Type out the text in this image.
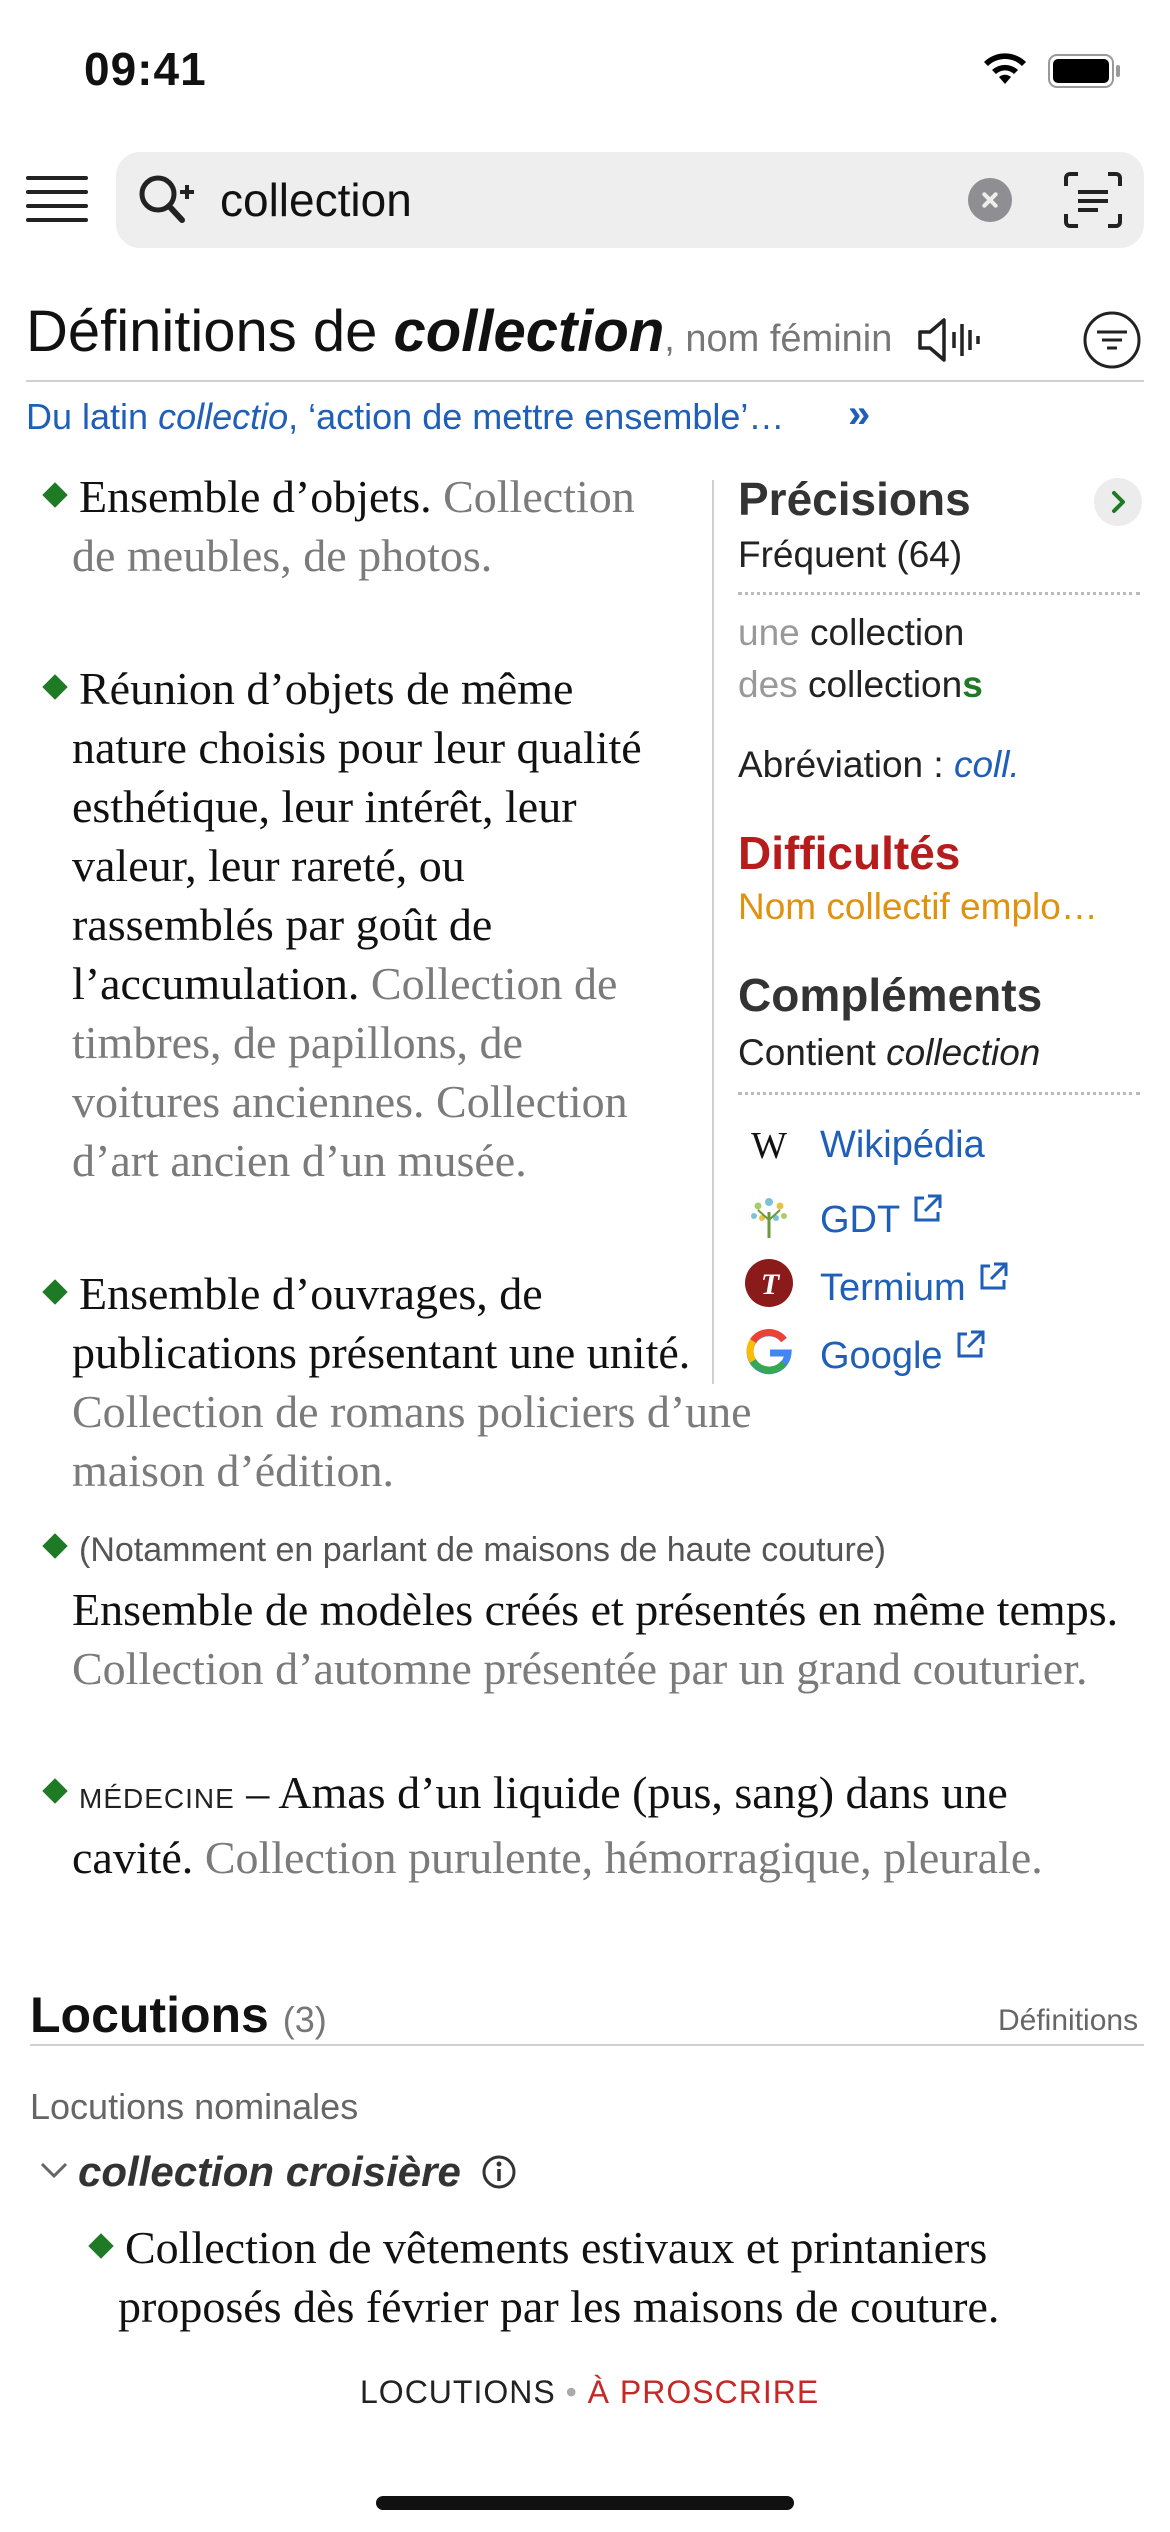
09:41
collection
Définitions de collection, nom féminin
Du latin collectio, ‘action de mettre ensemble’… »
Ensemble d’objets. Collection de meubles, de photos.
Réunion d’objets de même nature choisis pour leur qualité esthétique, leur intérêt, leur valeur, leur rareté, ou rassemblés par goût de l’accumulation. Collection de timbres, de papillons, de voitures anciennes. Collection d’art ancien d’un musée.
Ensemble d’ouvrages, de publications présentant une unité. Collection de romans policiers d’une maison d’édition.
(Notamment en parlant de maisons de haute couture)
Ensemble de modèles créés et présentés en même temps. Collection d’automne présentée par un grand couturier.
MÉDECINE – Amas d’un liquide (pus, sang) dans une cavité. Collection purulente, hémorragique, pleurale.
Précisions
Fréquent (64)
une collection
des collections
Abréviation : coll.
Difficultés
Nom collectif emplo…
Compléments
Contient collection
W Wikipédia
GDT
T Termium
Google
Locutions (3)	Définitions
Locutions nominales
collection croisière
Collection de vêtements estivaux et printaniers proposés dès février par les maisons de couture.
LOCUTIONS • À PROSCRIRE
